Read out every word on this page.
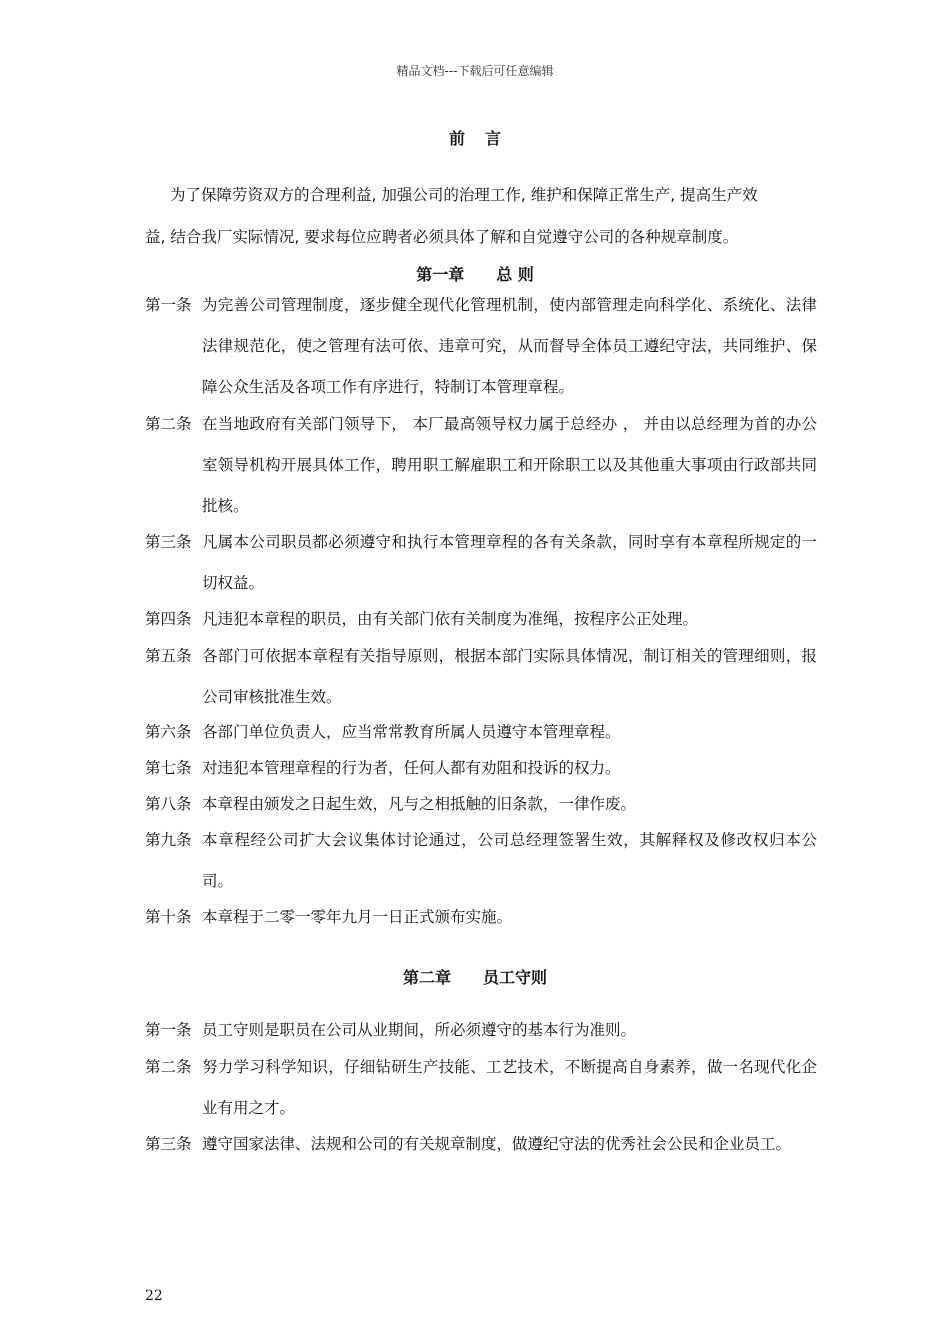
精品文档---下载后可任意编辑
前言
为了保障劳资双方的合理利益, 加强公司的治理工作, 维护和保障正常生产, 提高生产效
益, 结合我厂实际情况, 要求每位应聘者必须具体了解和自觉遵守公司的各种规章制度。
第一章　　总 则
第一条 为完善公司管理制度，逐步健全现代化管理机制，使内部管理走向科学化、系统化、法律法律规范化，使之管理有法可依、违章可究，从而督导全体员工遵纪守法，共同维护、保障公众生活及各项工作有序进行，特制订本管理章程。
第二条 在当地政府有关部门领导下， 本厂最高领导权力属于总经办 ， 并由以总经理为首的办公室领导机构开展具体工作，聘用职工解雇职工和开除职工以及其他重大事项由行政部共同批核。
第三条 凡属本公司职员都必须遵守和执行本管理章程的各有关条款，同时享有本章程所规定的一切权益。
第四条 凡违犯本章程的职员，由有关部门依有关制度为准绳，按程序公正处理。
第五条 各部门可依据本章程有关指导原则，根据本部门实际具体情况，制订相关的管理细则，报公司审核批准生效。
第六条 各部门单位负责人，应当常常教育所属人员遵守本管理章程。
第七条 对违犯本管理章程的行为者，任何人都有劝阻和投诉的权力。
第八条 本章程由颁发之日起生效，凡与之相抵触的旧条款，一律作废。
第九条 本章程经公司扩大会议集体讨论通过，公司总经理签署生效，其解释权及修改权归本公司。
第十条 本章程于二零一零年九月一日正式颁布实施。
第二章　　员工守则
第一条 员工守则是职员在公司从业期间，所必须遵守的基本行为准则。
第二条 努力学习科学知识，仔细钻研生产技能、工艺技术，不断提高自身素养，做一名现代化企业有用之才。
第三条 遵守国家法律、法规和公司的有关规章制度，做遵纪守法的优秀社会公民和企业员工。
22
